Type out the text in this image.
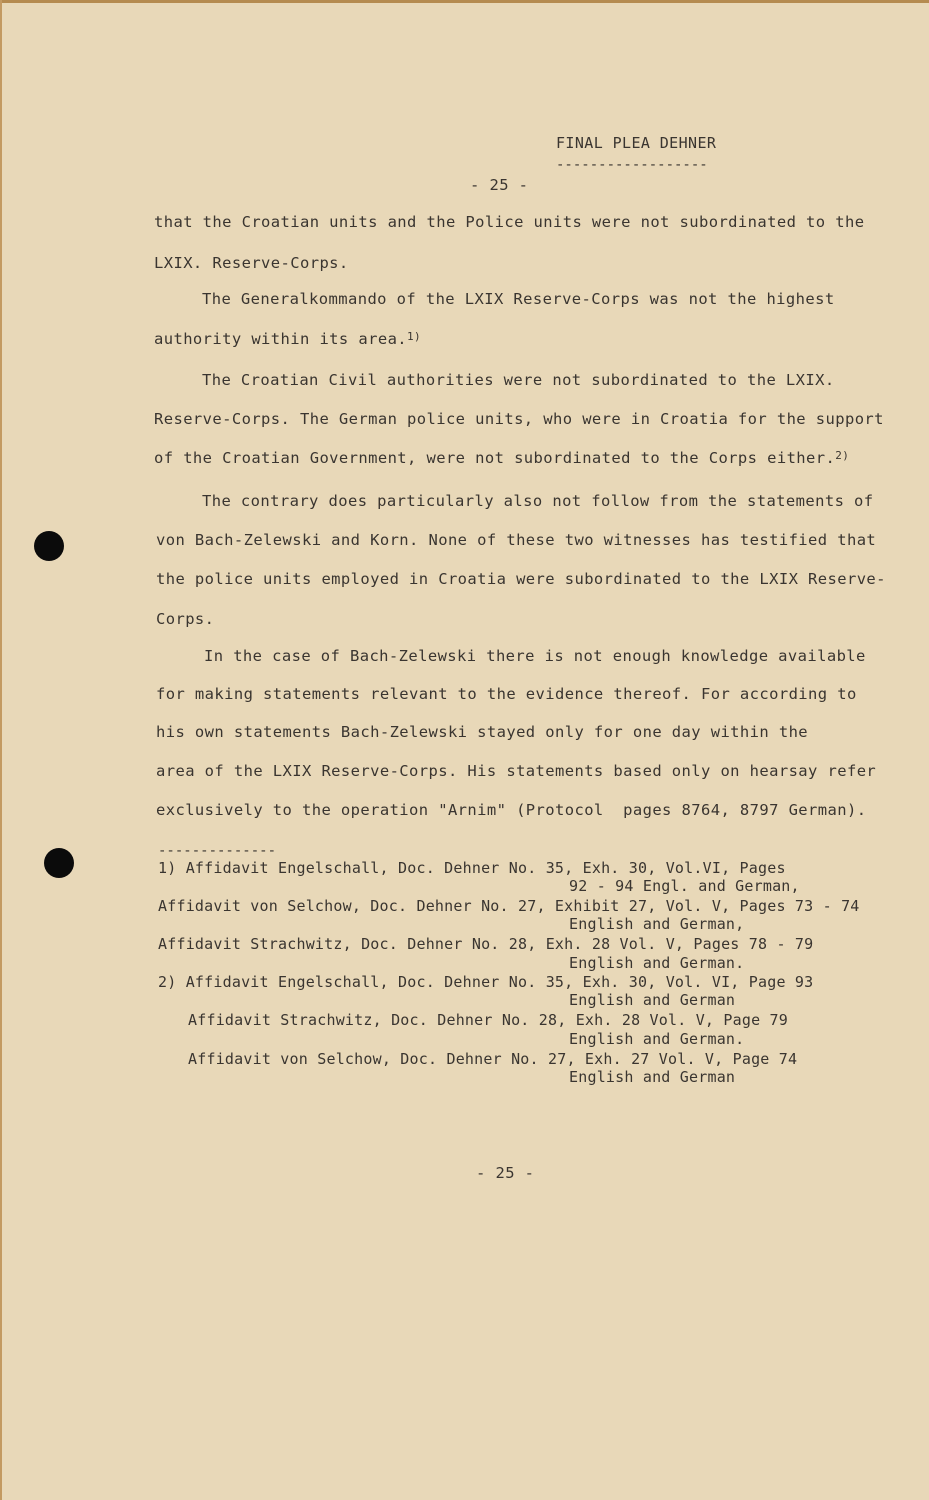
FINAL PLEA DEHNER
------------------
- 25 -
that the Croatian units and the Police units were not subordinated to the
LXIX. Reserve-Corps.
The Generalkommando of the LXIX Reserve-Corps was not the highest
authority within its area.$^{1)}$
The Croatian Civil authorities were not subordinated to the LXIX.
Reserve-Corps. The German police units, who were in Croatia for the support
of the Croatian Government, were not subordinated to the Corps either.$^{2)}$
The contrary does particularly also not follow from the statements of
von Bach-Zelewski and Korn. None of these two witnesses has testified that
the police units employed in Croatia were subordinated to the LXIX Reserve-
Corps.
In the case of Bach-Zelewski there is not enough knowledge available
for making statements relevant to the evidence thereof. For according to
his own statements Bach-Zelewski stayed only for one day within the
area of the LXIX Reserve-Corps. His statements based only on hearsay refer
exclusively to the operation "Arnim" (Protocol  pages 8764, 8797 German).
--------------
1) Affidavit Engelschall, Doc. Dehner No. 35, Exh. 30, Vol.VI, Pages
92 - 94 Engl. and German,
Affidavit von Selchow, Doc. Dehner No. 27, Exhibit 27, Vol. V, Pages 73 - 74
English and German,
Affidavit Strachwitz, Doc. Dehner No. 28, Exh. 28 Vol. V, Pages 78 - 79
English and German.
2) Affidavit Engelschall, Doc. Dehner No. 35, Exh. 30, Vol. VI, Page 93
English and German
Affidavit Strachwitz, Doc. Dehner No. 28, Exh. 28 Vol. V, Page 79
English and German.
Affidavit von Selchow, Doc. Dehner No. 27, Exh. 27 Vol. V, Page 74
English and German
- 25 -
